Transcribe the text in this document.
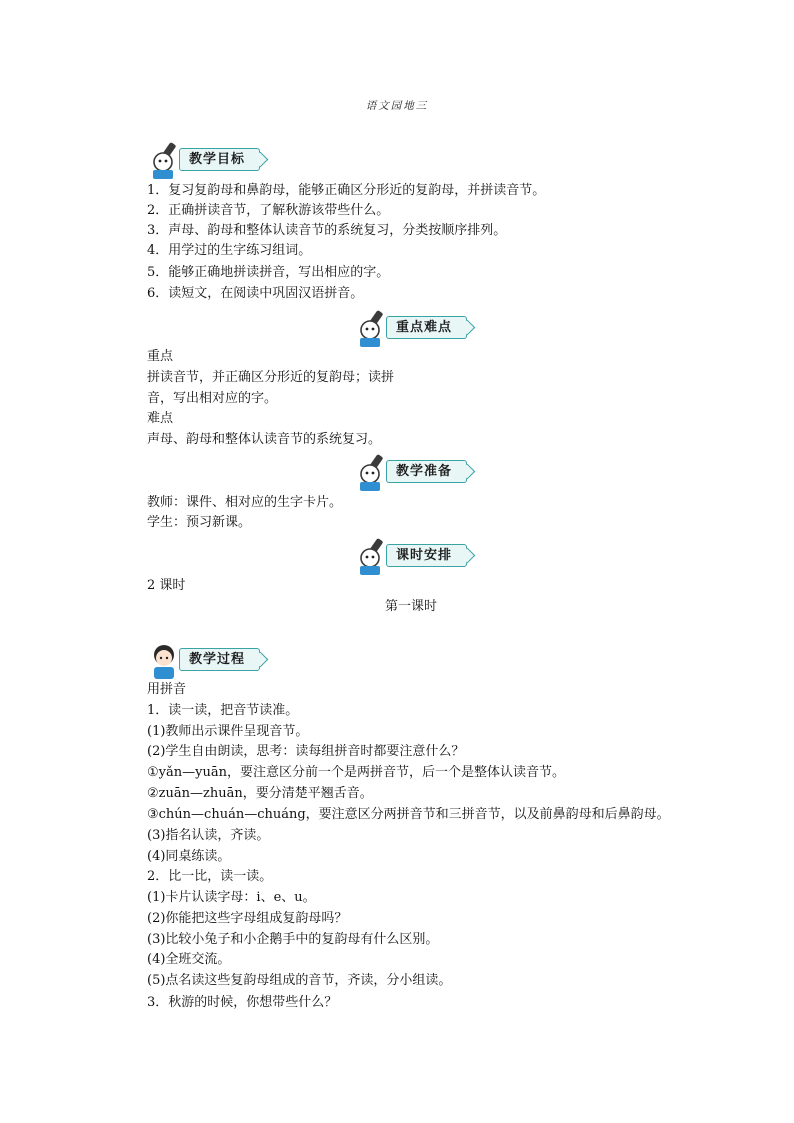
语文园地三
教学目标
1．复习复韵母和鼻韵母，能够正确区分形近的复韵母，并拼读音节。
2．正确拼读音节，了解秋游该带些什么。
3．声母、韵母和整体认读音节的系统复习，分类按顺序排列。
4．用学过的生字练习组词。
5．能够正确地拼读拼音，写出相应的字。
6．读短文，在阅读中巩固汉语拼音。
重点难点
重点
拼读音节，并正确区分形近的复韵母；读拼
音，写出相对应的字。
难点
声母、韵母和整体认读音节的系统复习。
教学准备
教师：课件、相对应的生字卡片。
学生：预习新课。
课时安排
2 课时
第一课时
教学过程
用拼音
1．读一读，把音节读准。
(1)教师出示课件呈现音节。
(2)学生自由朗读，思考：读每组拼音时都要注意什么？
①yǎn—yuān，要注意区分前一个是两拼音节，后一个是整体认读音节。
②zuān—zhuān，要分清楚平翘舌音。
③chún—chuán—chuáng，要注意区分两拼音节和三拼音节，以及前鼻韵母和后鼻韵母。
(3)指名认读，齐读。
(4)同桌练读。
2．比一比，读一读。
(1)卡片认读字母：i、e、u。
(2)你能把这些字母组成复韵母吗？
(3)比较小兔子和小企鹅手中的复韵母有什么区别。
(4)全班交流。
(5)点名读这些复韵母组成的音节，齐读，分小组读。
3．秋游的时候，你想带些什么？
